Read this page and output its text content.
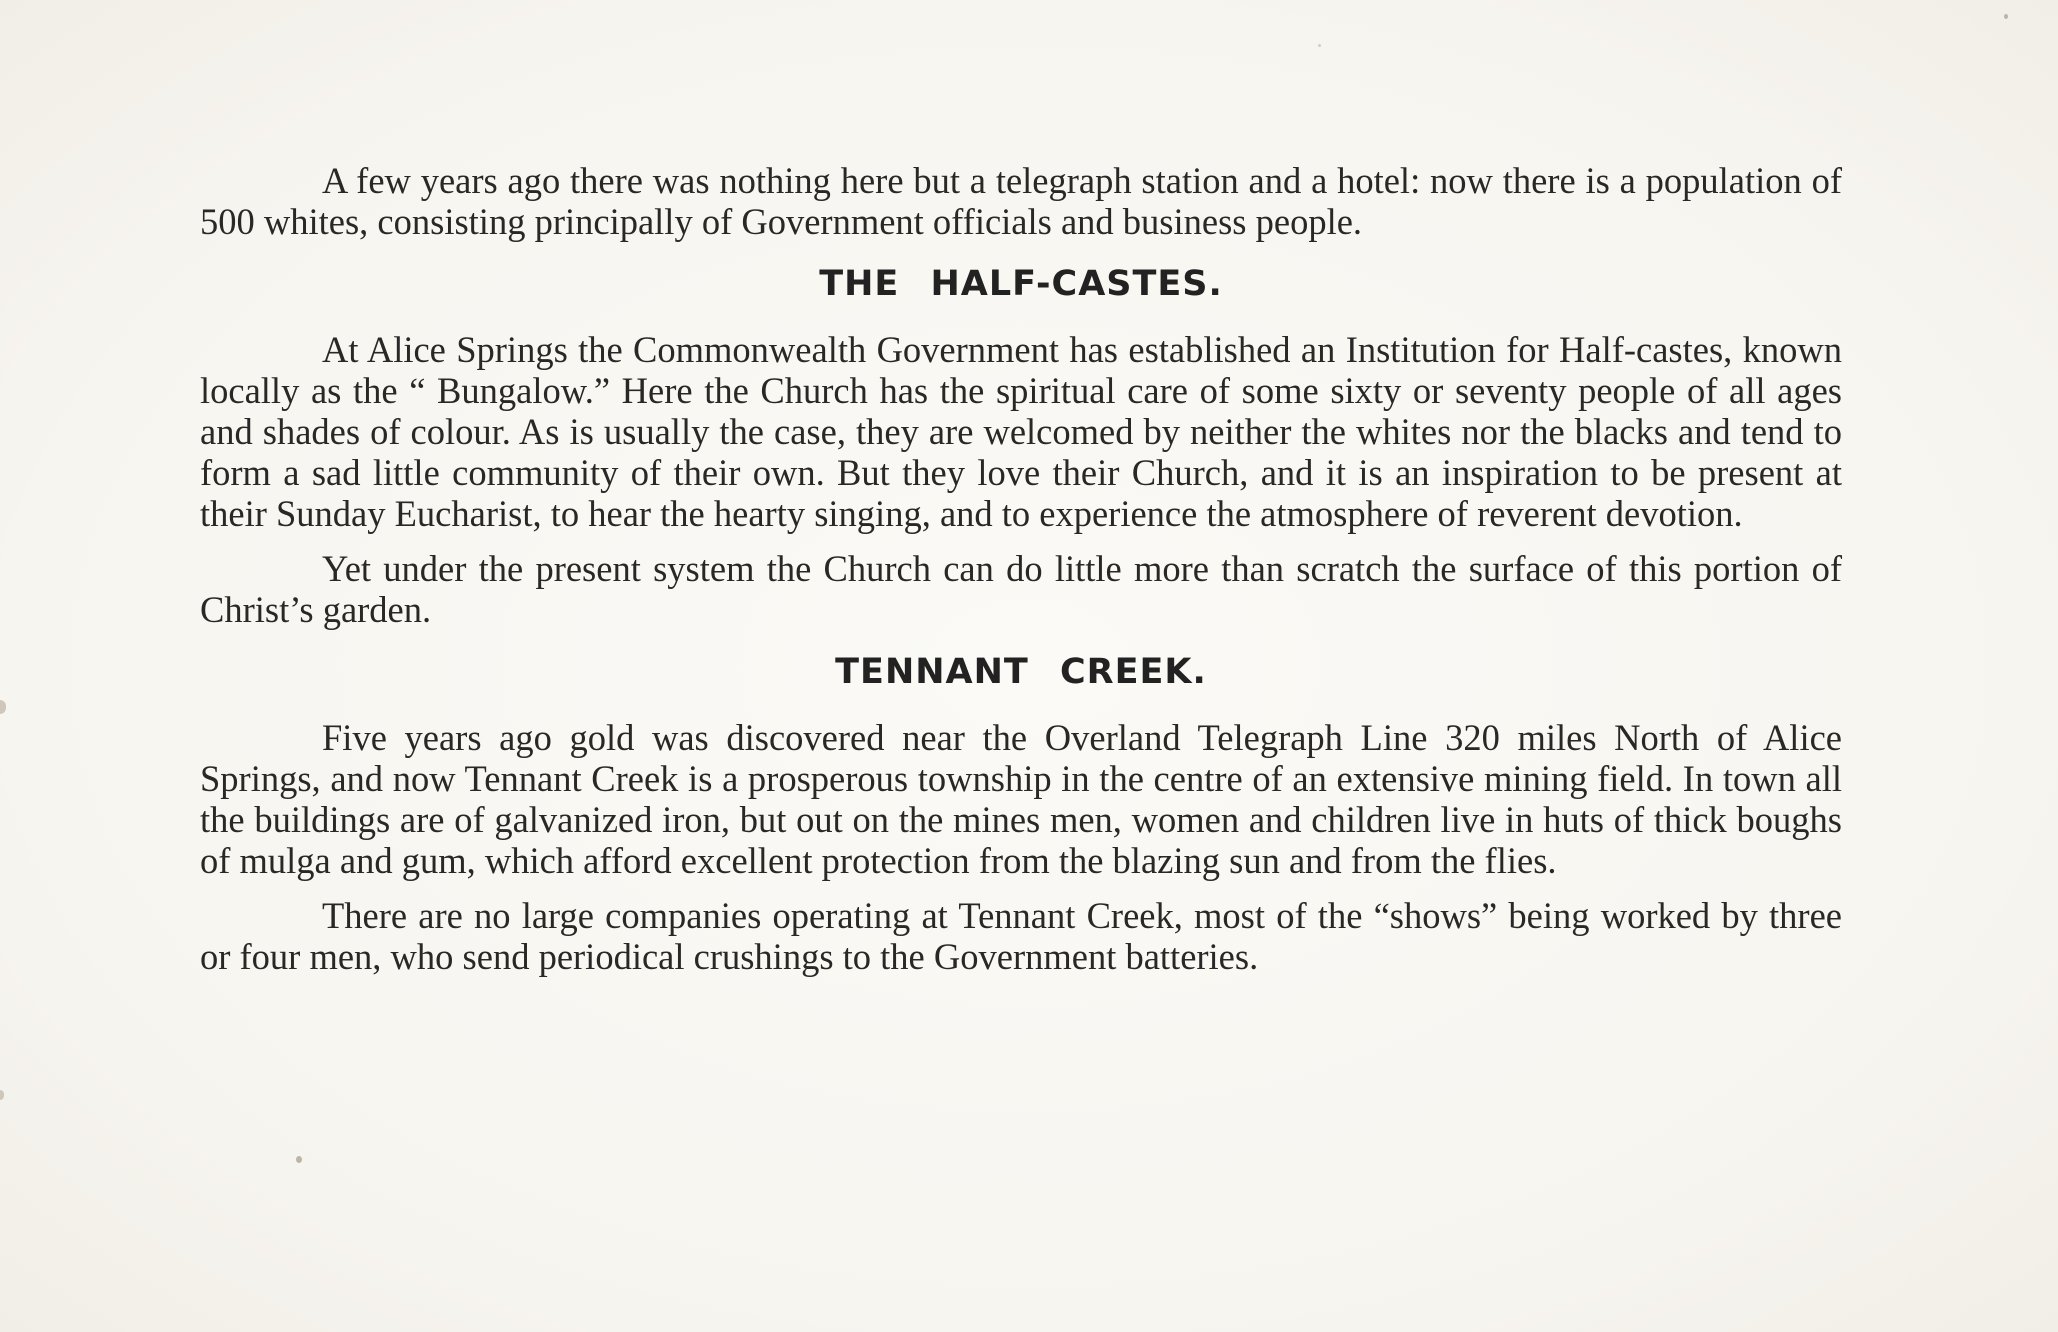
A few years ago there was nothing here but a telegraph station and a hotel: now there is a population of 500 whites, consisting principally of Government officials and business people.

THE HALF-CASTES.

At Alice Springs the Commonwealth Government has established an Institution for Half-castes, known locally as the “ Bungalow.” Here the Church has the spiritual care of some sixty or seventy people of all ages and shades of colour. As is usually the case, they are welcomed by neither the whites nor the blacks and tend to form a sad little community of their own. But they love their Church, and it is an inspiration to be present at their Sunday Eucharist, to hear the hearty singing, and to experience the atmosphere of reverent devotion.

Yet under the present system the Church can do little more than scratch the surface of this portion of Christ’s garden.

TENNANT CREEK.

Five years ago gold was discovered near the Overland Telegraph Line 320 miles North of Alice Springs, and now Tennant Creek is a prosperous township in the centre of an extensive mining field. In town all the buildings are of galvanized iron, but out on the mines men, women and children live in huts of thick boughs of mulga and gum, which afford excellent protection from the blazing sun and from the flies.

There are no large companies operating at Tennant Creek, most of the “shows” being worked by three or four men, who send periodical crushings to the Government batteries.
